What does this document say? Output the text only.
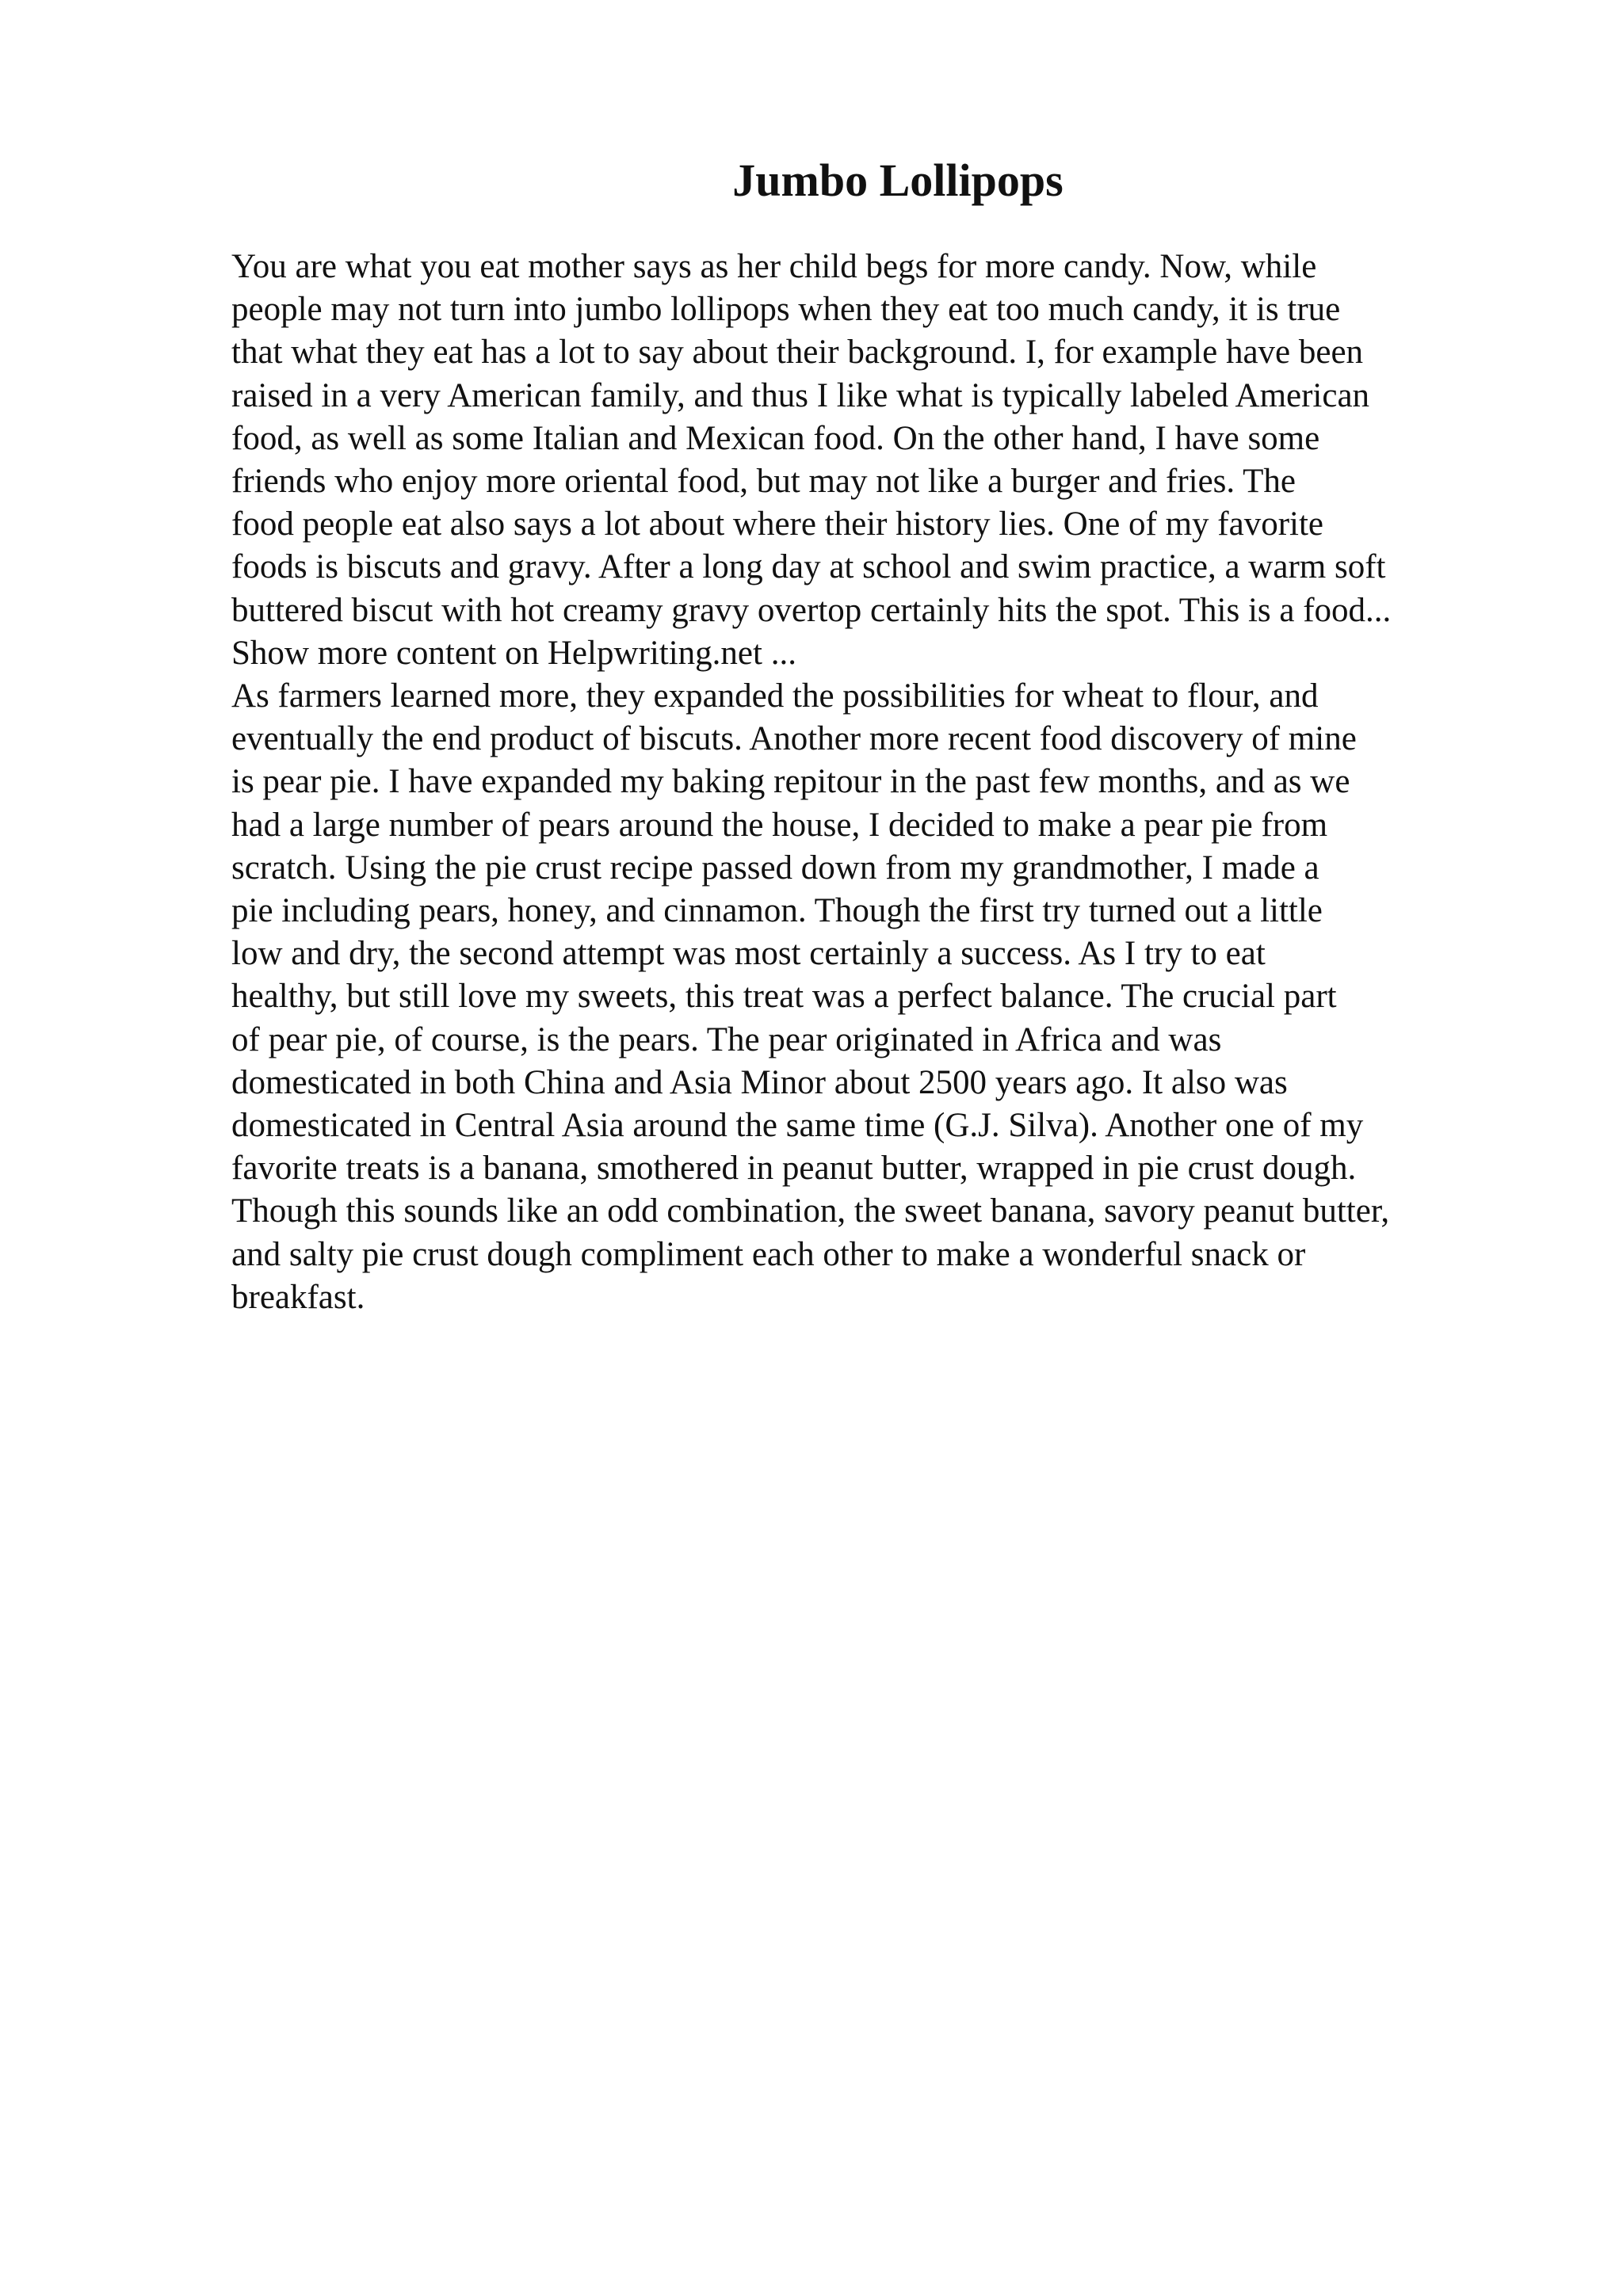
Jumbo Lollipops
You are what you eat mother says as her child begs for more candy. Now, while
people may not turn into jumbo lollipops when they eat too much candy, it is true
that what they eat has a lot to say about their background. I, for example have been
raised in a very American family, and thus I like what is typically labeled American
food, as well as some Italian and Mexican food. On the other hand, I have some
friends who enjoy more oriental food, but may not like a burger and fries. The
food people eat also says a lot about where their history lies. One of my favorite
foods is biscuts and gravy. After a long day at school and swim practice, a warm soft
buttered biscut with hot creamy gravy overtop certainly hits the spot. This is a food...
Show more content on Helpwriting.net ...
As farmers learned more, they expanded the possibilities for wheat to flour, and
eventually the end product of biscuts. Another more recent food discovery of mine
is pear pie. I have expanded my baking repitour in the past few months, and as we
had a large number of pears around the house, I decided to make a pear pie from
scratch. Using the pie crust recipe passed down from my grandmother, I made a
pie including pears, honey, and cinnamon. Though the first try turned out a little
low and dry, the second attempt was most certainly a success. As I try to eat
healthy, but still love my sweets, this treat was a perfect balance. The crucial part
of pear pie, of course, is the pears. The pear originated in Africa and was
domesticated in both China and Asia Minor about 2500 years ago. It also was
domesticated in Central Asia around the same time (G.J. Silva). Another one of my
favorite treats is a banana, smothered in peanut butter, wrapped in pie crust dough.
Though this sounds like an odd combination, the sweet banana, savory peanut butter,
and salty pie crust dough compliment each other to make a wonderful snack or
breakfast.
